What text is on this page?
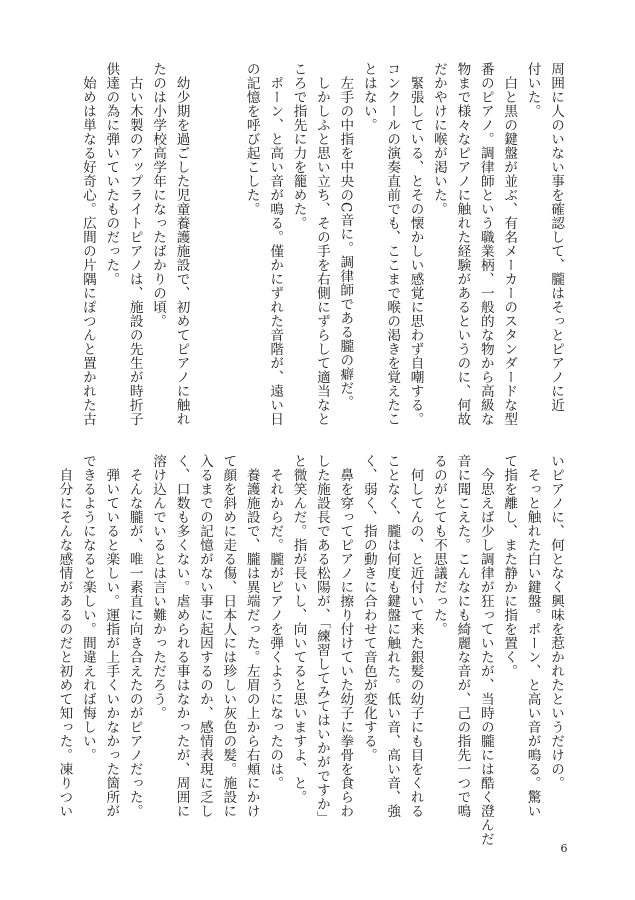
周囲に人のいない事を確認して、朧はそっとピアノに近

付いた。

　白と黒の鍵盤が並ぶ、有名メーカーのスタンダードな型

番のピアノ。調律師という職業柄、一般的な物から高級な

物まで様々なピアノに触れた経験があるというのに、何故

だかやけに喉が渇いた。

　緊張している、とその懐かしい感覚に思わず自嘲する。

コンクールの演奏直前でも、ここまで喉の渇きを覚えたこ

とはない。

　左手の中指を中央のC音に。調律師である朧の癖だ。

　しかしふと思い立ち、その手を右側にずらして適当なと

ころで指先に力を籠めた。

　ポーン、と高い音が鳴る。僅かにずれた音階が、遠い日

の記憶を呼び起こした。

　幼少期を過ごした児童養護施設で、初めてピアノに触れ

たのは小学校高学年になったばかりの頃。

　古い木製のアップライトピアノは、施設の先生が時折子

供達の為に弾いていたものだった。

　始めは単なる好奇心。広間の片隅にぽつんと置かれた古

いピアノに、何となく興味を惹かれたというだけの。

　そっと触れた白い鍵盤。ポーン、と高い音が鳴る。驚い

て指を離し、また静かに指を置く。

　今思えば少し調律が狂っていたが、当時の朧には酷く澄んだ

音に聞こえた。こんなにも綺麗な音が、己の指先一つで鳴

るのがとても不思議だった。

　何してんの、と近付いて来た銀髪の幼子にも目をくれる

ことなく、朧は何度も鍵盤に触れた。低い音、高い音、強

く、弱く、指の動きに合わせて音色が変化する。

　鼻を穿ってピアノに擦り付けていた幼子に拳骨を食らわ

した施設長である松陽が、「練習してみてはいかがですか」

と微笑んだ。指が長いし、向いてると思いますよ、と。

　それからだ。朧がピアノを弾くようになったのは。

　養護施設で、朧は異端だった。左眉の上から右頬にかけ

て顔を斜めに走る傷、日本人には珍しい灰色の髪。施設に

入るまでの記憶がない事に起因するのか、感情表現に乏し

く、口数も多くない。虐められる事はなかったが、周囲に

溶け込んでいるとは言い難かっただろう。

　そんな朧が、唯一素直に向き合えたのがピアノだった。

　弾いていると楽しい。運指が上手くいかなかった箇所が

できるようになると楽しい。間違えれば悔しい。

　自分にそんな感情があるのだと初めて知った。凍りつい

6
